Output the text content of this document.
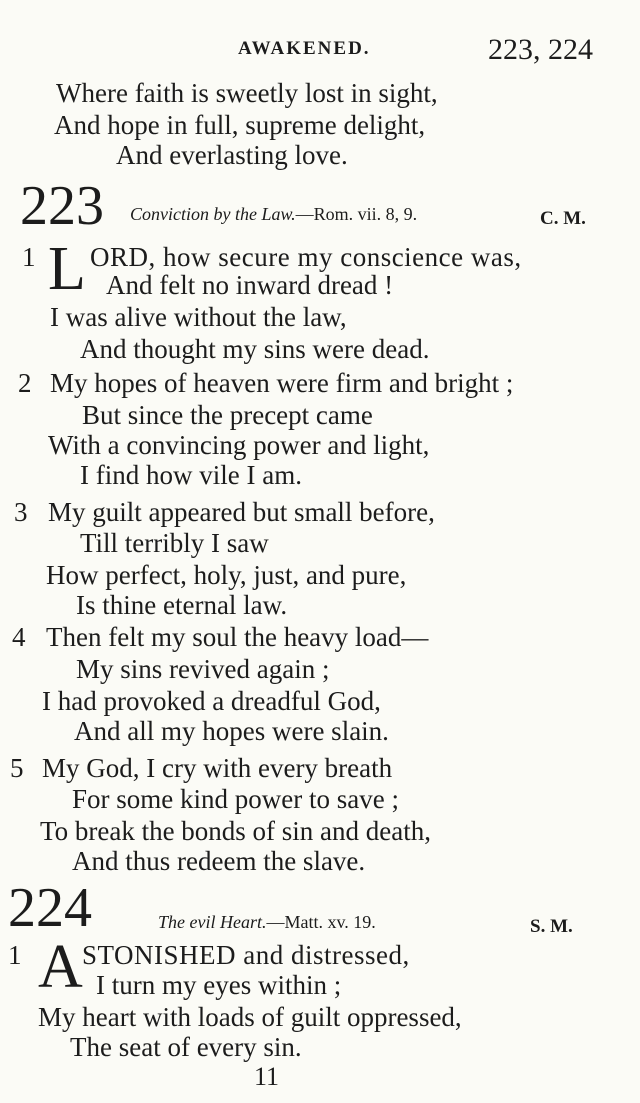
AWAKENED.	223, 224
Where faith is sweetly lost in sight,
And hope in full, supreme delight,
And everlasting love.
223 Conviction by the Law.—Rom. vii. 8, 9.	C. M.
1 L ORD, how secure my conscience was,
And felt no inward dread !
I was alive without the law,
And thought my sins were dead.
2 My hopes of heaven were firm and bright ;
But since the precept came
With a convincing power and light,
I find how vile I am.
3 My guilt appeared but small before,
Till terribly I saw
How perfect, holy, just, and pure,
Is thine eternal law.
4 Then felt my soul the heavy load—
My sins revived again ;
I had provoked a dreadful God,
And all my hopes were slain.
5 My God, I cry with every breath
For some kind power to save ;
To break the bonds of sin and death,
And thus redeem the slave.
224	The evil Heart.—Matt. xv. 19.	S. M.
1 A STONISHED and distressed,
I turn my eyes within ;
My heart with loads of guilt oppressed,
The seat of every sin.
11
